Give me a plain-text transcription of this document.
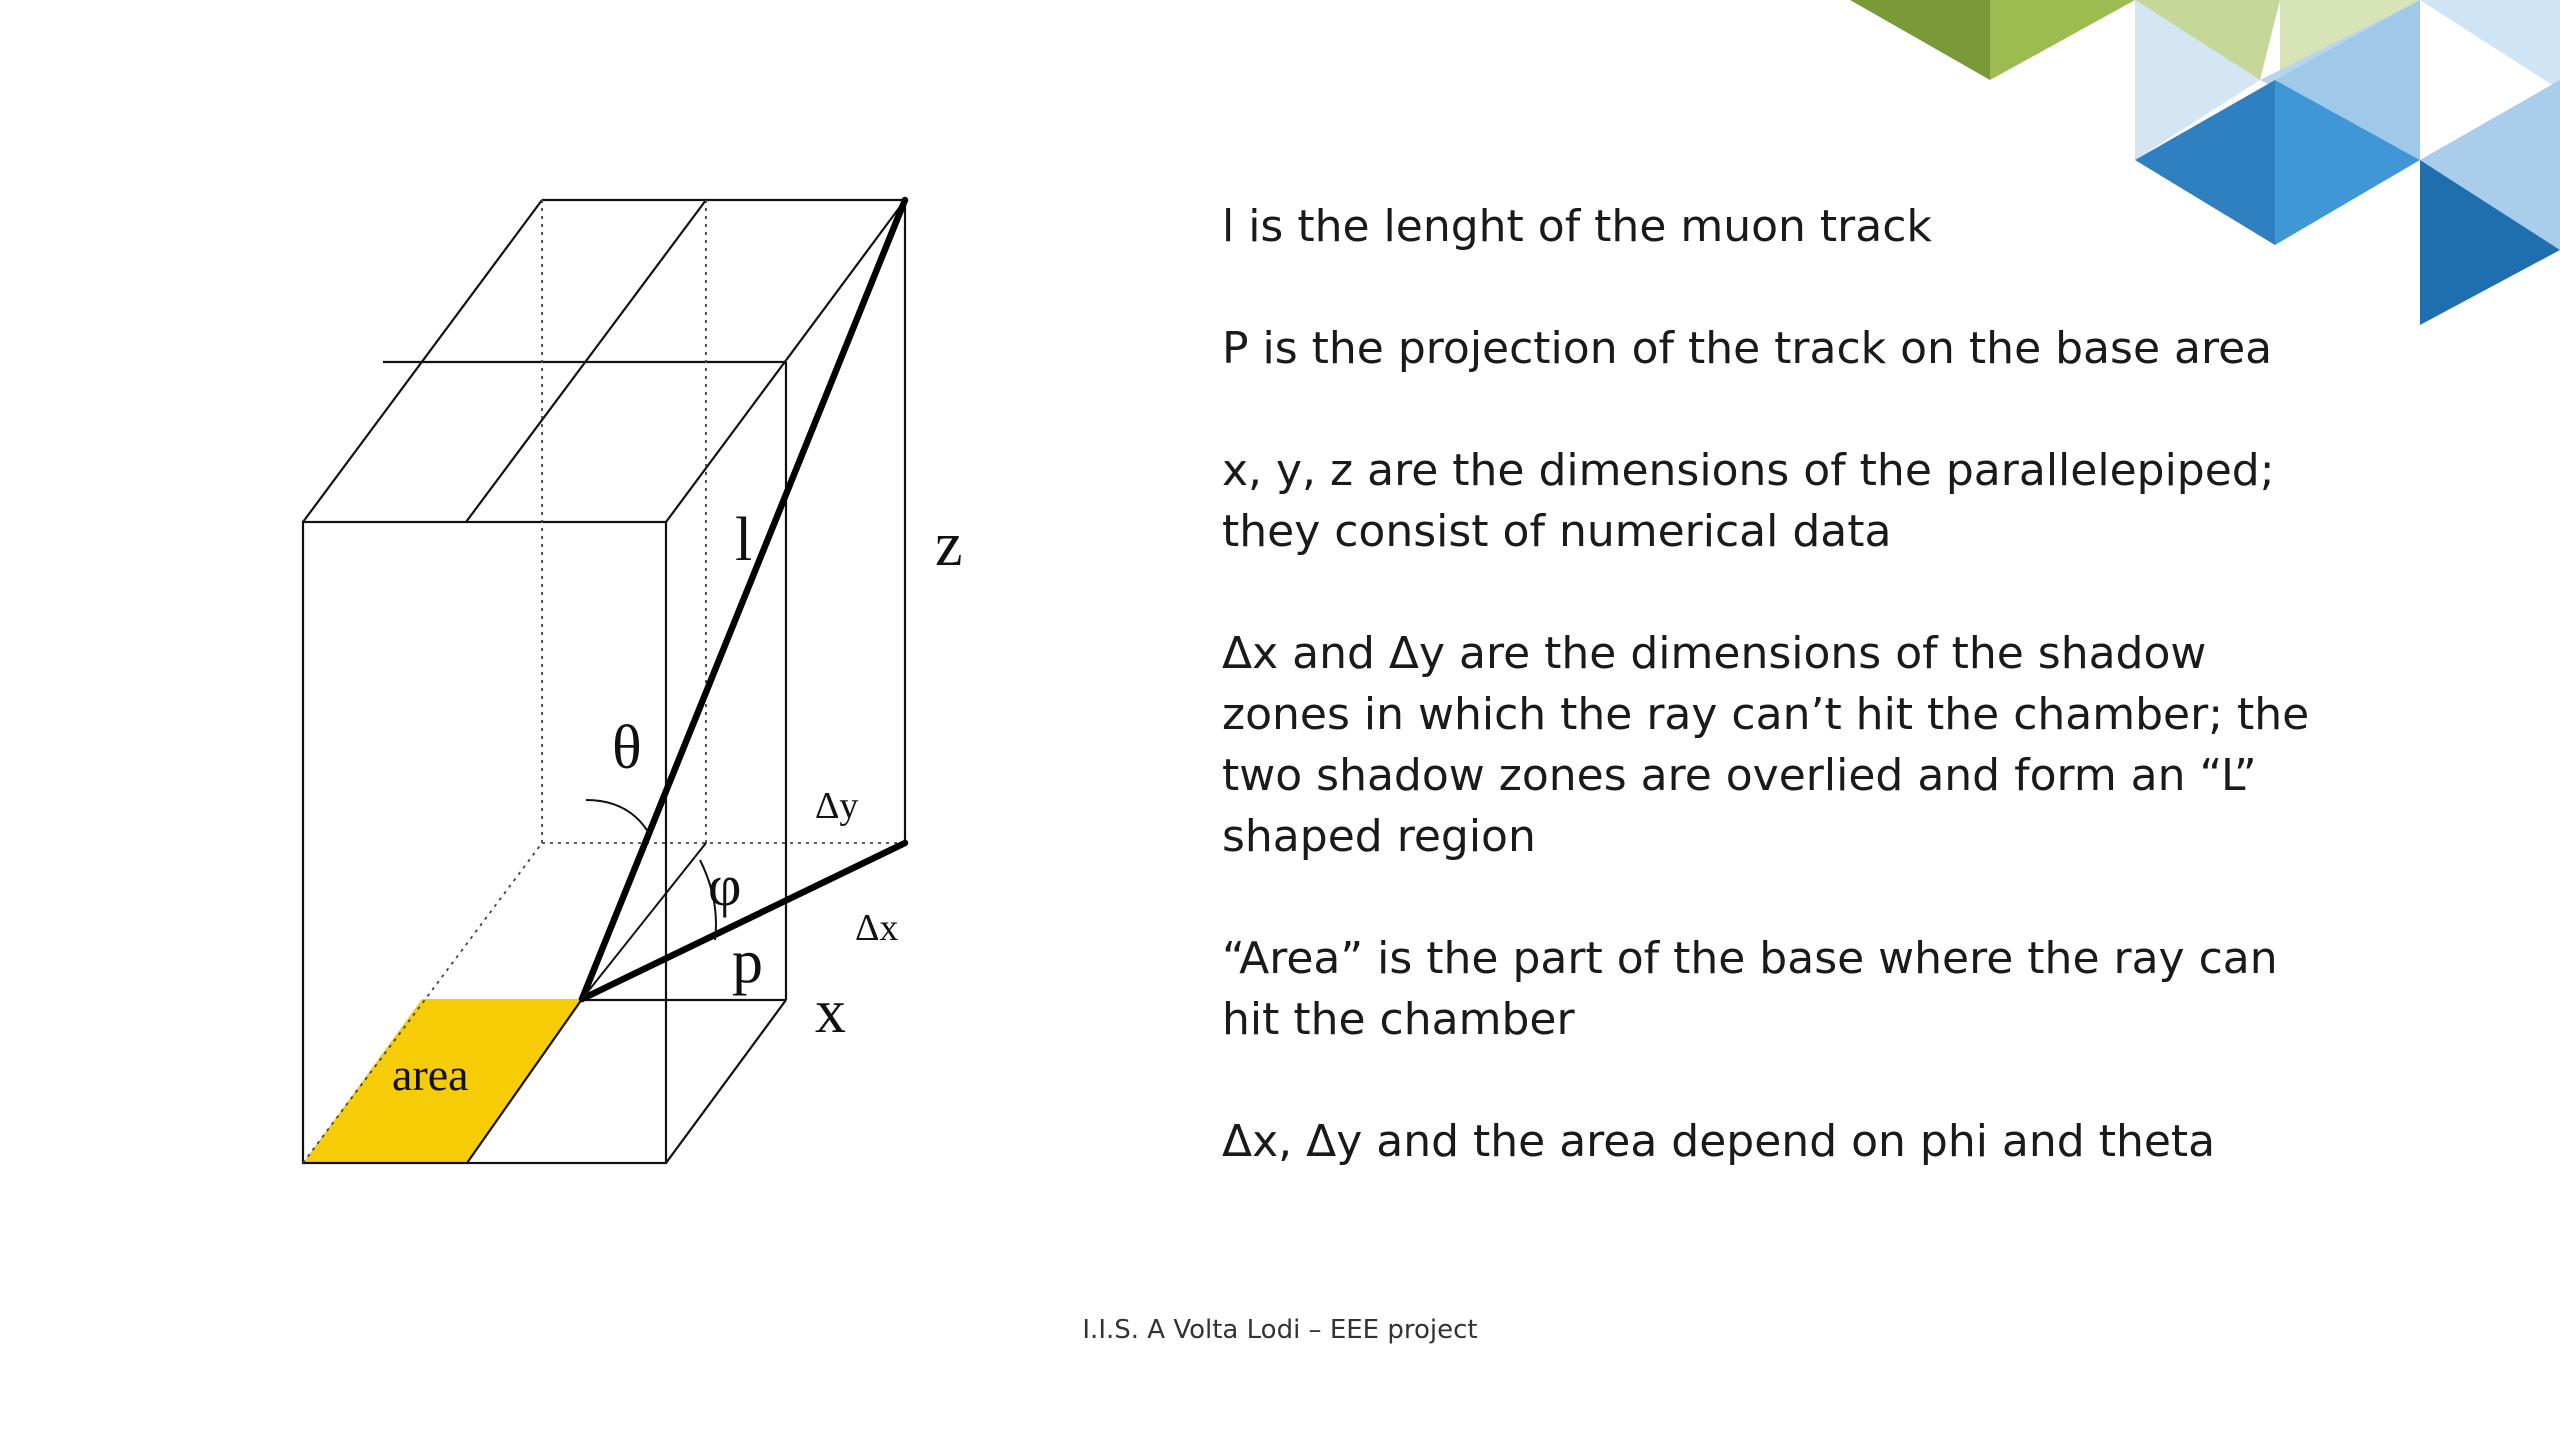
l	z
θ
φ
p
x
Δy
Δx
area

l is the lenght of the muon track

P is the projection of the track on the base area

x, y, z are the dimensions of the parallelepiped;
they consist of numerical data

Δx and Δy are the dimensions of the shadow
zones in which the ray can’t hit the chamber; the
two shadow zones are overlied and form an “L”
shaped region

“Area” is the part of the base where the ray can
hit the chamber

Δx, Δy and the area depend on phi and theta

I.I.S. A Volta Lodi – EEE project
